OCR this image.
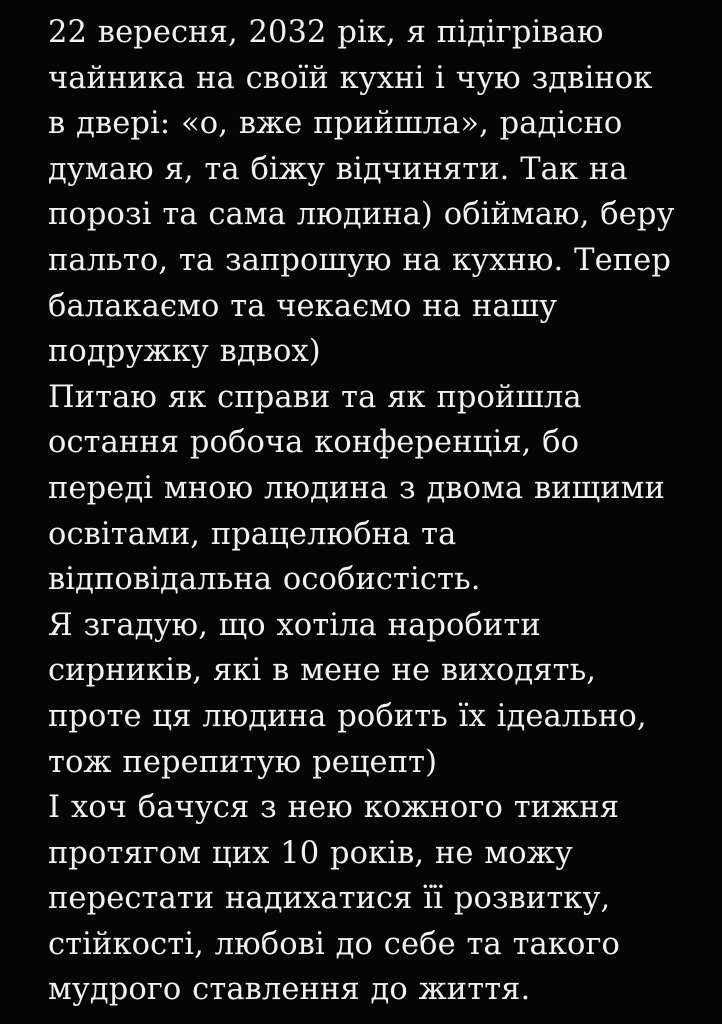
22 вересня, 2032 рік, я підігріваю чайника на своїй кухні і чую здвінок в двері: «о, вже прийшла», радісно думаю я, та біжу відчиняти. Так на порозі та сама людина) обіймаю, беру пальто, та запрошую на кухню. Тепер балакаємо та чекаємо на нашу подружку вдвох)

Питаю як справи та як пройшла остання робоча конференція, бо переді мною людина з двома вищими освітами, працелюбна та відповідальна особистість.

Я згадую, що хотіла наробити сирників, які в мене не виходять, проте ця людина робить їх ідеально, тож перепитую рецепт)

І хоч бачуся з нею кожного тижня протягом цих 10 років, не можу перестати надихатися її розвитку, стійкості, любові до себе та такого мудрого ставлення до життя.
